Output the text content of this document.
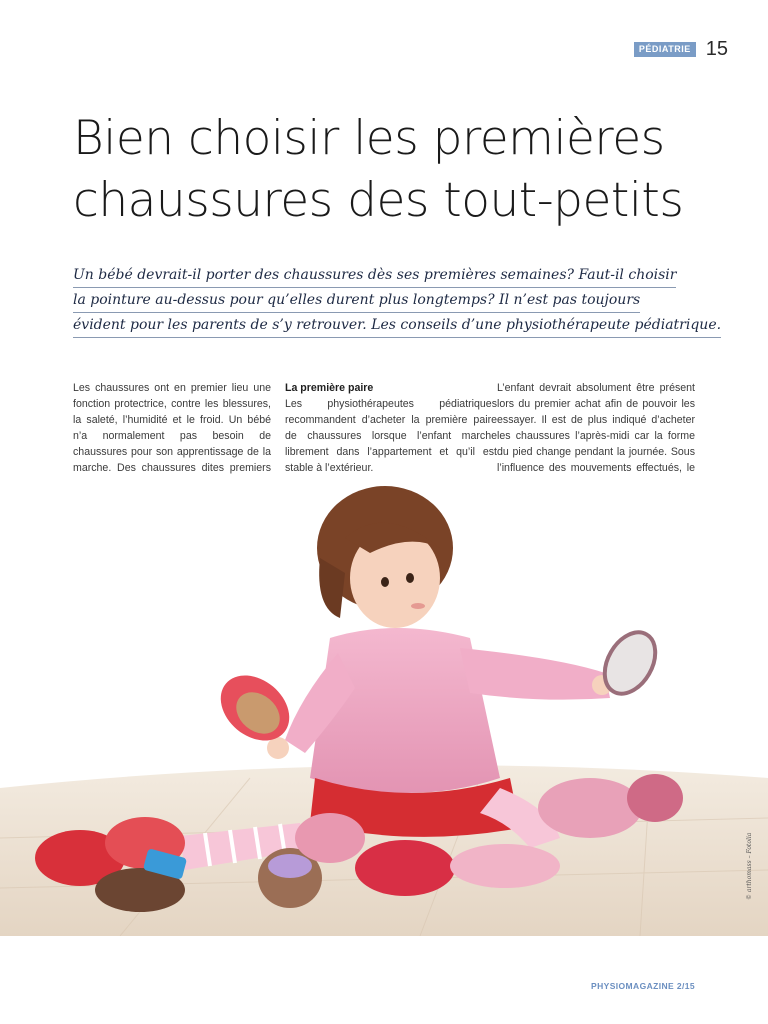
PÉDIATRIE 15
Bien choisir les premières
chaussures des tout-petits
Un bébé devrait-il porter des chaussures dès ses premières semaines? Faut-il choisir
la pointure au-dessus pour qu’elles durent plus longtemps? Il n’est pas toujours
évident pour les parents de s’y retrouver. Les conseils d’une physiothérapeute pédiatrique.

Les chaussures ont en premier lieu une fonction protectrice, contre les blessures, la saleté, l’humidité et le froid. Un bébé n’a normalement pas besoin de chaussures pour son apprentissage de la marche. Des chaussures dites premiers

La première paire

Les physiothérapeutes pédiatriques recommandent d’acheter la première paire de chaussures lorsque l’enfant marche librement dans l’appartement et qu’il est stable à l’extérieur.

L’enfant devrait absolument être présent lors du premier achat afin de pouvoir les essayer. Il est de plus indiqué d’acheter les chaussures l’après-midi car la forme du pied change pendant la journée. Sous l’influence des mouvements effectués, le

© arthomass – Fotolia
PHYSIOMAGAZINE 2/15
